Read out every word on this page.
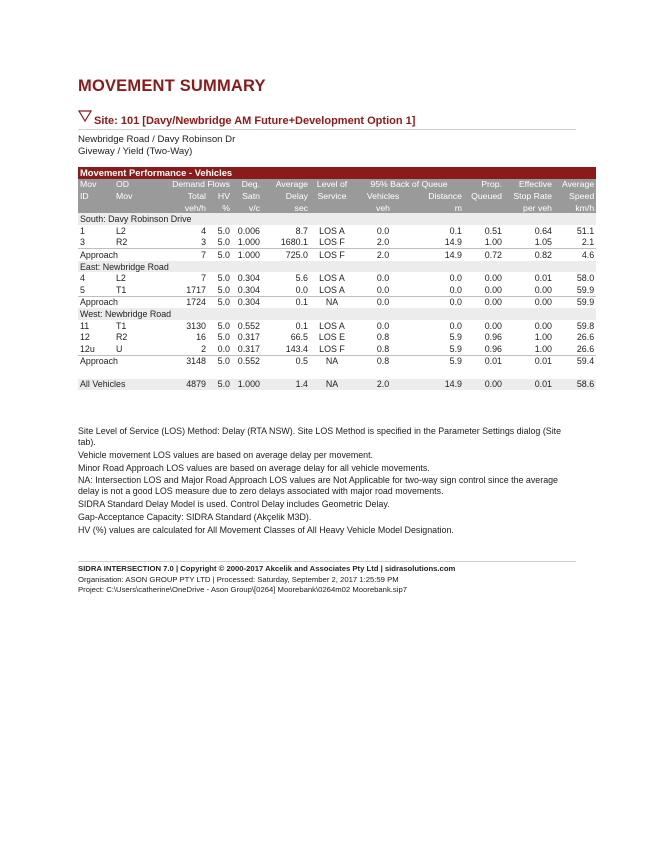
MOVEMENT SUMMARY
Site: 101 [Davy/Newbridge AM Future+Development Option 1]
Newbridge Road / Davy Robinson Dr
Giveway / Yield (Two-Way)
Movement Performance - Vehicles											
Mov	OD	Demand Flows		Deg.	Average	Level of	95% Back of Queue		Prop.	Effective	Average
ID	Mov	Total	HV	Satn	Delay	Service	Vehicles	Distance	Queued	Stop Rate	Speed
		veh/h	%	v/c	sec		veh	m		per veh	km/h
South: Davy Robinson Drive											
1	L2	4	5.0	0.006	8.7	LOS A	0.0	0.1	0.51	0.64	51.1
3	R2	3	5.0	1.000	1680.1	LOS F	2.0	14.9	1.00	1.05	2.1
Approach		7	5.0	1.000	725.0	LOS F	2.0	14.9	0.72	0.82	4.6
East: Newbridge Road											
4	L2	7	5.0	0.304	5.6	LOS A	0.0	0.0	0.00	0.01	58.0
5	T1	1717	5.0	0.304	0.0	LOS A	0.0	0.0	0.00	0.00	59.9
Approach		1724	5.0	0.304	0.1	NA	0.0	0.0	0.00	0.00	59.9
West: Newbridge Road											
11	T1	3130	5.0	0.552	0.1	LOS A	0.0	0.0	0.00	0.00	59.8
12	R2	16	5.0	0.317	66.5	LOS E	0.8	5.9	0.96	1.00	26.6
12u	U	2	0.0	0.317	143.4	LOS F	0.8	5.9	0.96	1.00	26.6
Approach		3148	5.0	0.552	0.5	NA	0.8	5.9	0.01	0.01	59.4

All Vehicles		4879	5.0	1.000	1.4	NA	2.0	14.9	0.00	0.01	58.6

Site Level of Service (LOS) Method: Delay (RTA NSW). Site LOS Method is specified in the Parameter Settings dialog (Site tab).

Vehicle movement LOS values are based on average delay per movement.

Minor Road Approach LOS values are based on average delay for all vehicle movements.

NA: Intersection LOS and Major Road Approach LOS values are Not Applicable for two-way sign control since the average delay is not a good LOS measure due to zero delays associated with major road movements.

SIDRA Standard Delay Model is used. Control Delay includes Geometric Delay.

Gap-Acceptance Capacity: SIDRA Standard (Akçelik M3D).

HV (%) values are calculated for All Movement Classes of All Heavy Vehicle Model Designation.

SIDRA INTERSECTION 7.0 | Copyright © 2000-2017 Akcelik and Associates Pty Ltd | sidrasolutions.com
Organisation: ASON GROUP PTY LTD | Processed: Saturday, September 2, 2017 1:25:59 PM
Project: C:\Users\catherine\OneDrive - Ason Group\[0264] Moorebank\0264m02 Moorebank.sip7
